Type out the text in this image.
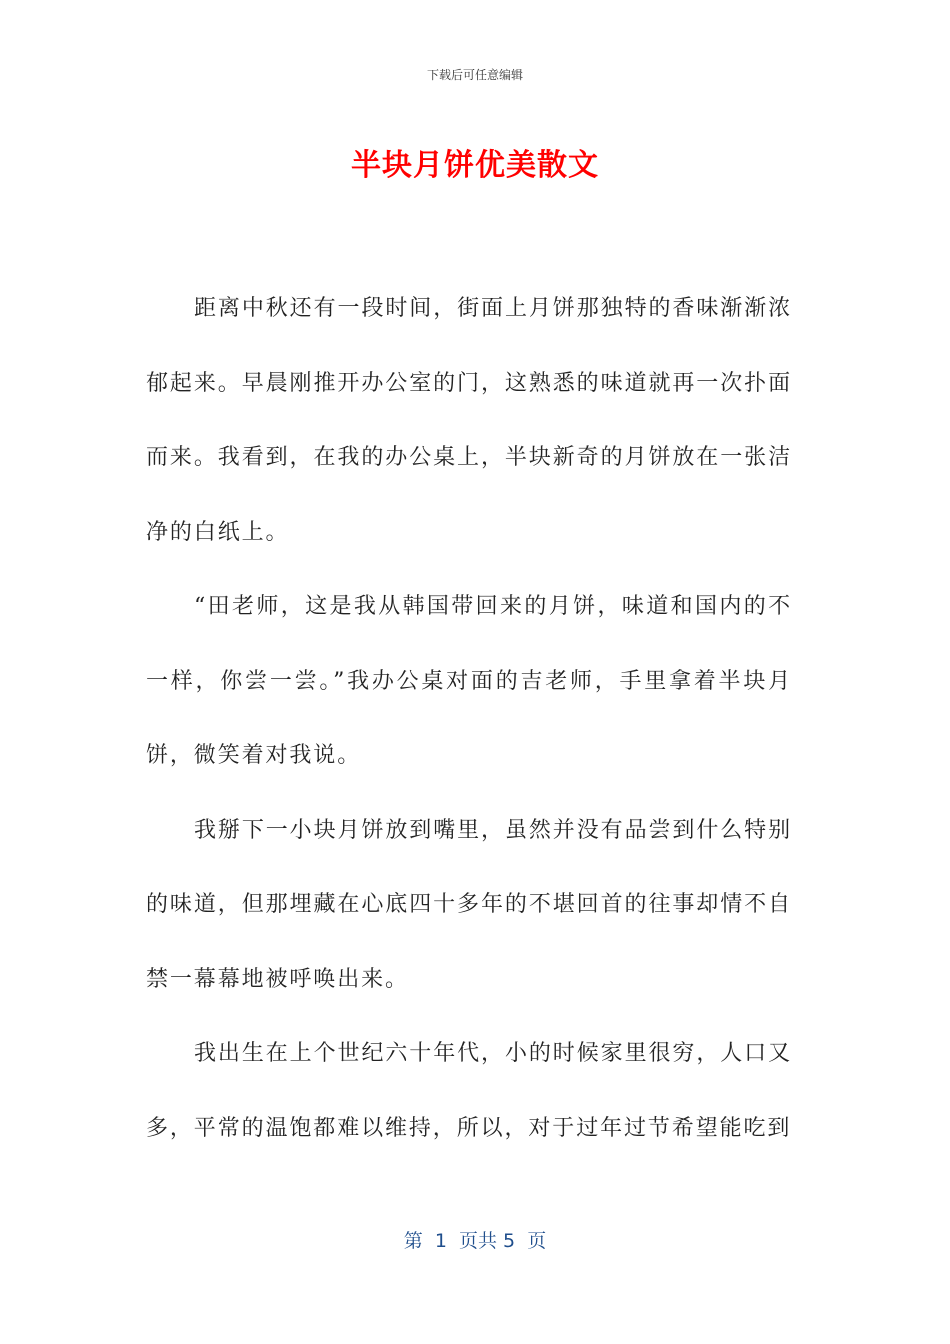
下载后可任意编辑
半块月饼优美散文

距离中秋还有一段时间，街面上月饼那独特的香味渐渐浓郁起来。早晨刚推开办公室的门，这熟悉的味道就再一次扑面而来。我看到，在我的办公桌上，半块新奇的月饼放在一张洁净的白纸上。

“田老师，这是我从韩国带回来的月饼，味道和国内的不一样，你尝一尝。”我办公桌对面的吉老师，手里拿着半块月饼，微笑着对我说。

我掰下一小块月饼放到嘴里，虽然并没有品尝到什么特别的味道，但那埋藏在心底四十多年的不堪回首的往事却情不自禁一幕幕地被呼唤出来。

我出生在上个世纪六十年代，小的时候家里很穷，人口又多，平常的温饱都难以维持，所以，对于过年过节希望能吃到

第  1  页共 5  页
